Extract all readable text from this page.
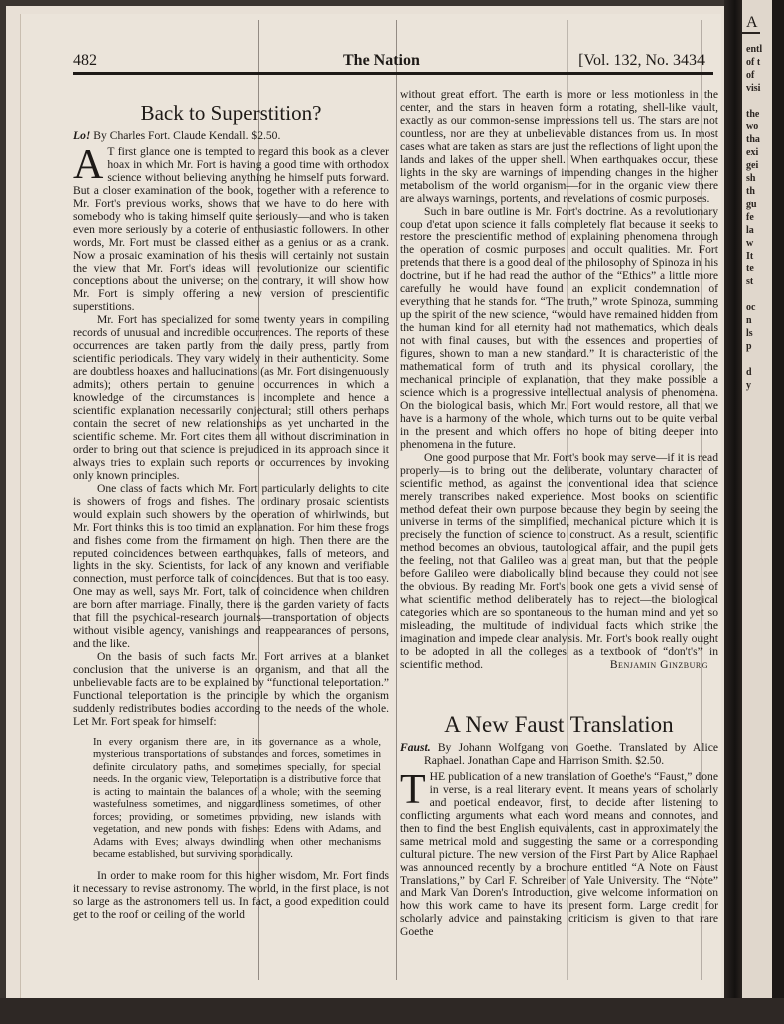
A
entl
of t
of
visi

the
wo
tha
exi
gei
sh
th
gu
fe
la
w
It
te
st

oc
n
ls
p

d
y
482	The Nation	[Vol. 132, No. 3434
Back to Superstition?
Lo! By Charles Fort. Claude Kendall. $2.50.

A T first glance one is tempted to regard this book as a clever hoax in which Mr. Fort is having a good time with orthodox science without believing anything he himself puts forward. But a closer examination of the book, together with a reference to Mr. Fort's previous works, shows that we have to do here with somebody who is taking himself quite seriously—and who is taken even more seriously by a coterie of enthusiastic followers. In other words, Mr. Fort must be classed either as a genius or as a crank. Now a prosaic examination of his thesis will certainly not sustain the view that Mr. Fort's ideas will revolutionize our scientific conceptions about the universe; on the contrary, it will show how Mr. Fort is simply offering a new version of prescientific superstitions.

Mr. Fort has specialized for some twenty years in compiling records of unusual and incredible occurrences. The reports of these occurrences are taken partly from the daily press, partly from scientific periodicals. They vary widely in their authenticity. Some are doubtless hoaxes and hallucinations (as Mr. Fort disingenuously admits); others pertain to genuine occurrences in which a knowledge of the circumstances is incomplete and hence a scientific explanation necessarily conjectural; still others perhaps contain the secret of new relationships as yet uncharted in the scientific scheme. Mr. Fort cites them all without discrimination in order to bring out that science is prejudiced in its approach since it always tries to explain such reports or occurrences by invoking only known principles.

One class of facts which Mr. Fort particularly delights to cite is showers of frogs and fishes. The ordinary prosaic scientists would explain such showers by the operation of whirlwinds, but Mr. Fort thinks this is too timid an explanation. For him these frogs and fishes come from the firmament on high. Then there are the reputed coincidences between earthquakes, falls of meteors, and lights in the sky. Scientists, for lack of any known and verifiable connection, must perforce talk of coincidences. But that is too easy. One may as well, says Mr. Fort, talk of coincidence when children are born after marriage. Finally, there is the garden variety of facts that fill the psychical-research journals—transportation of objects without visible agency, vanishings and reappearances of persons, and the like.

On the basis of such facts Mr. Fort arrives at a blanket conclusion that the universe is an organism, and that all the unbelievable facts are to be explained by “functional teleportation.” Functional teleportation is the principle by which the organism suddenly redistributes bodies according to the needs of the whole. Let Mr. Fort speak for himself:

In every organism there are, in its governance as a whole, mysterious transportations of substances and forces, sometimes in definite circulatory paths, and sometimes specially, for special needs. In the organic view, Teleportation is a distributive force that is acting to maintain the balances of a whole; with the seeming wastefulness sometimes, and niggardliness sometimes, of other forces; providing, or sometimes providing, new islands with vegetation, and new ponds with fishes: Edens with Adams, and Adams with Eves; always dwindling when other mechanisms became established, but surviving sporadically.

In order to make room for this higher wisdom, Mr. Fort finds it necessary to revise astronomy. The world, in the first place, is not so large as the astronomers tell us. In fact, a good expedition could get to the roof or ceiling of the world

without great effort. The earth is more or less motionless in the center, and the stars in heaven form a rotating, shell-like vault, exactly as our common-sense impressions tell us. The stars are not countless, nor are they at unbelievable distances from us. In most cases what are taken as stars are just the reflections of light upon the lands and lakes of the upper shell. When earthquakes occur, these lights in the sky are warnings of impending changes in the higher metabolism of the world organism—for in the organic view there are always warnings, portents, and revelations of cosmic purposes.

Such in bare outline is Mr. Fort's doctrine. As a revolutionary coup d'etat upon science it falls completely flat because it seeks to restore the prescientific method of explaining phenomena through the operation of cosmic purposes and occult qualities. Mr. Fort pretends that there is a good deal of the philosophy of Spinoza in his doctrine, but if he had read the author of the “Ethics” a little more carefully he would have found an explicit condemnation of everything that he stands for. “The truth,” wrote Spinoza, summing up the spirit of the new science, “would have remained hidden from the human kind for all eternity had not mathematics, which deals not with final causes, but with the essences and properties of figures, shown to man a new standard.” It is characteristic of the mathematical form of truth and its physical corollary, the mechanical principle of explanation, that they make possible a science which is a progressive intellectual analysis of phenomena. On the biological basis, which Mr. Fort would restore, all that we have is a harmony of the whole, which turns out to be quite verbal in the present and which offers no hope of biting deeper into phenomena in the future.

One good purpose that Mr. Fort's book may serve—if it is read properly—is to bring out the deliberate, voluntary character of scientific method, as against the conventional idea that science merely transcribes naked experience. Most books on scientific method defeat their own purpose because they begin by seeing the universe in terms of the simplified, mechanical picture which it is precisely the function of science to construct. As a result, scientific method becomes an obvious, tautological affair, and the pupil gets the feeling, not that Galileo was a great man, but that the people before Galileo were diabolically blind because they could not see the obvious. By reading Mr. Fort's book one gets a vivid sense of what scientific method deliberately has to reject—the biological categories which are so spontaneous to the human mind and yet so misleading, the multitude of individual facts which strike the imagination and impede clear analysis. Mr. Fort's book really ought to be adopted in all the colleges as a textbook of “don't's” in scientific method.	Benjamin Ginzburg

A New Faust Translation

Faust. By Johann Wolfgang von Goethe. Translated by Alice Raphael. Jonathan Cape and Harrison Smith. $2.50.

THE publication of a new translation of Goethe's “Faust,” done in verse, is a real literary event. It means years of scholarly and poetical endeavor, first, to decide after listening to conflicting arguments what each word means and connotes, and then to find the best English equivalents, cast in approximately the same metrical mold and suggesting the same or a corresponding cultural picture. The new version of the First Part by Alice Raphael was announced recently by a brochure entitled “A Note on Faust Translations,” by Carl F. Schreiber of Yale University. The “Note” and Mark Van Doren's Introduction, give welcome information on how this work came to have its present form. Large credit for scholarly advice and painstaking criticism is given to that rare Goethe
